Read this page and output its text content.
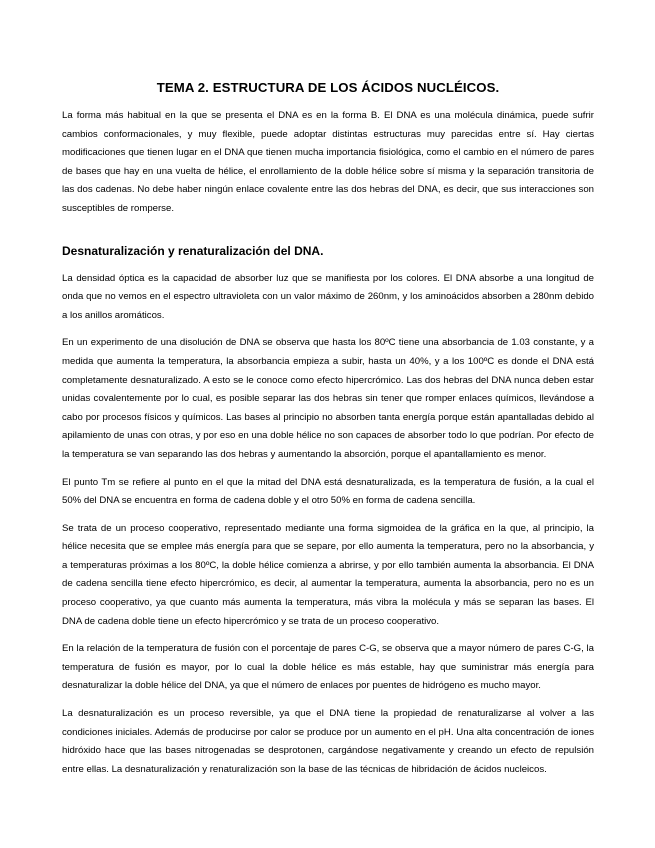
TEMA 2. ESTRUCTURA DE LOS ÁCIDOS NUCLÉICOS.

La forma más habitual en la que se presenta el DNA es en la forma B. El DNA es una molécula dinámica, puede sufrir cambios conformacionales, y muy flexible, puede adoptar distintas estructuras muy parecidas entre sí. Hay ciertas modificaciones que tienen lugar en el DNA que tienen mucha importancia fisiológica, como el cambio en el número de pares de bases que hay en una vuelta de hélice, el enrollamiento de la doble hélice sobre sí misma y la separación transitoria de las dos cadenas. No debe haber ningún enlace covalente entre las dos hebras del DNA, es decir, que sus interacciones son susceptibles de romperse.

Desnaturalización y renaturalización del DNA.

La densidad óptica es la capacidad de absorber luz que se manifiesta por los colores. El DNA absorbe a una longitud de onda que no vemos en el espectro ultravioleta con un valor máximo de 260nm, y los aminoácidos absorben a 280nm debido a los anillos aromáticos.

En un experimento de una disolución de DNA se observa que hasta los 80ºC tiene una absorbancia de 1.03 constante, y a medida que aumenta la temperatura, la absorbancia empieza a subir, hasta un 40%, y a los 100ºC es donde el DNA está completamente desnaturalizado. A esto se le conoce como efecto hipercrómico. Las dos hebras del DNA nunca deben estar unidas covalentemente por lo cual, es posible separar las dos hebras sin tener que romper enlaces químicos, llevándose a cabo por procesos físicos y químicos. Las bases al principio no absorben tanta energía porque están apantalladas debido al apilamiento de unas con otras, y por eso en una doble hélice no son capaces de absorber todo lo que podrían. Por efecto de la temperatura se van separando las dos hebras y aumentando la absorción, porque el apantallamiento es menor.

El punto Tm se refiere al punto en el que la mitad del DNA está desnaturalizada, es la temperatura de fusión, a la cual el 50% del DNA se encuentra en forma de cadena doble y el otro 50% en forma de cadena sencilla.

Se trata de un proceso cooperativo, representado mediante una forma sigmoidea de la gráfica en la que, al principio, la hélice necesita que se emplee más energía para que se separe, por ello aumenta la temperatura, pero no la absorbancia, y a temperaturas próximas a los 80ºC, la doble hélice comienza a abrirse, y por ello también aumenta la absorbancia. El DNA de cadena sencilla tiene efecto hipercrómico, es decir, al aumentar la temperatura, aumenta la absorbancia, pero no es un proceso cooperativo, ya que cuanto más aumenta la temperatura, más vibra la molécula y más se separan las bases. El DNA de cadena doble tiene un efecto hipercrómico y se trata de un proceso cooperativo.

En la relación de la temperatura de fusión con el porcentaje de pares C-G, se observa que a mayor número de pares C-G, la temperatura de fusión es mayor, por lo cual la doble hélice es más estable, hay que suministrar más energía para desnaturalizar la doble hélice del DNA, ya que el número de enlaces por puentes de hidrógeno es mucho mayor.

La desnaturalización es un proceso reversible, ya que el DNA tiene la propiedad de renaturalizarse al volver a las condiciones iniciales. Además de producirse por calor se produce por un aumento en el pH. Una alta concentración de iones hidróxido hace que las bases nitrogenadas se desprotonen, cargándose negativamente y creando un efecto de repulsión entre ellas. La desnaturalización y renaturalización son la base de las técnicas de hibridación de ácidos nucleicos.
